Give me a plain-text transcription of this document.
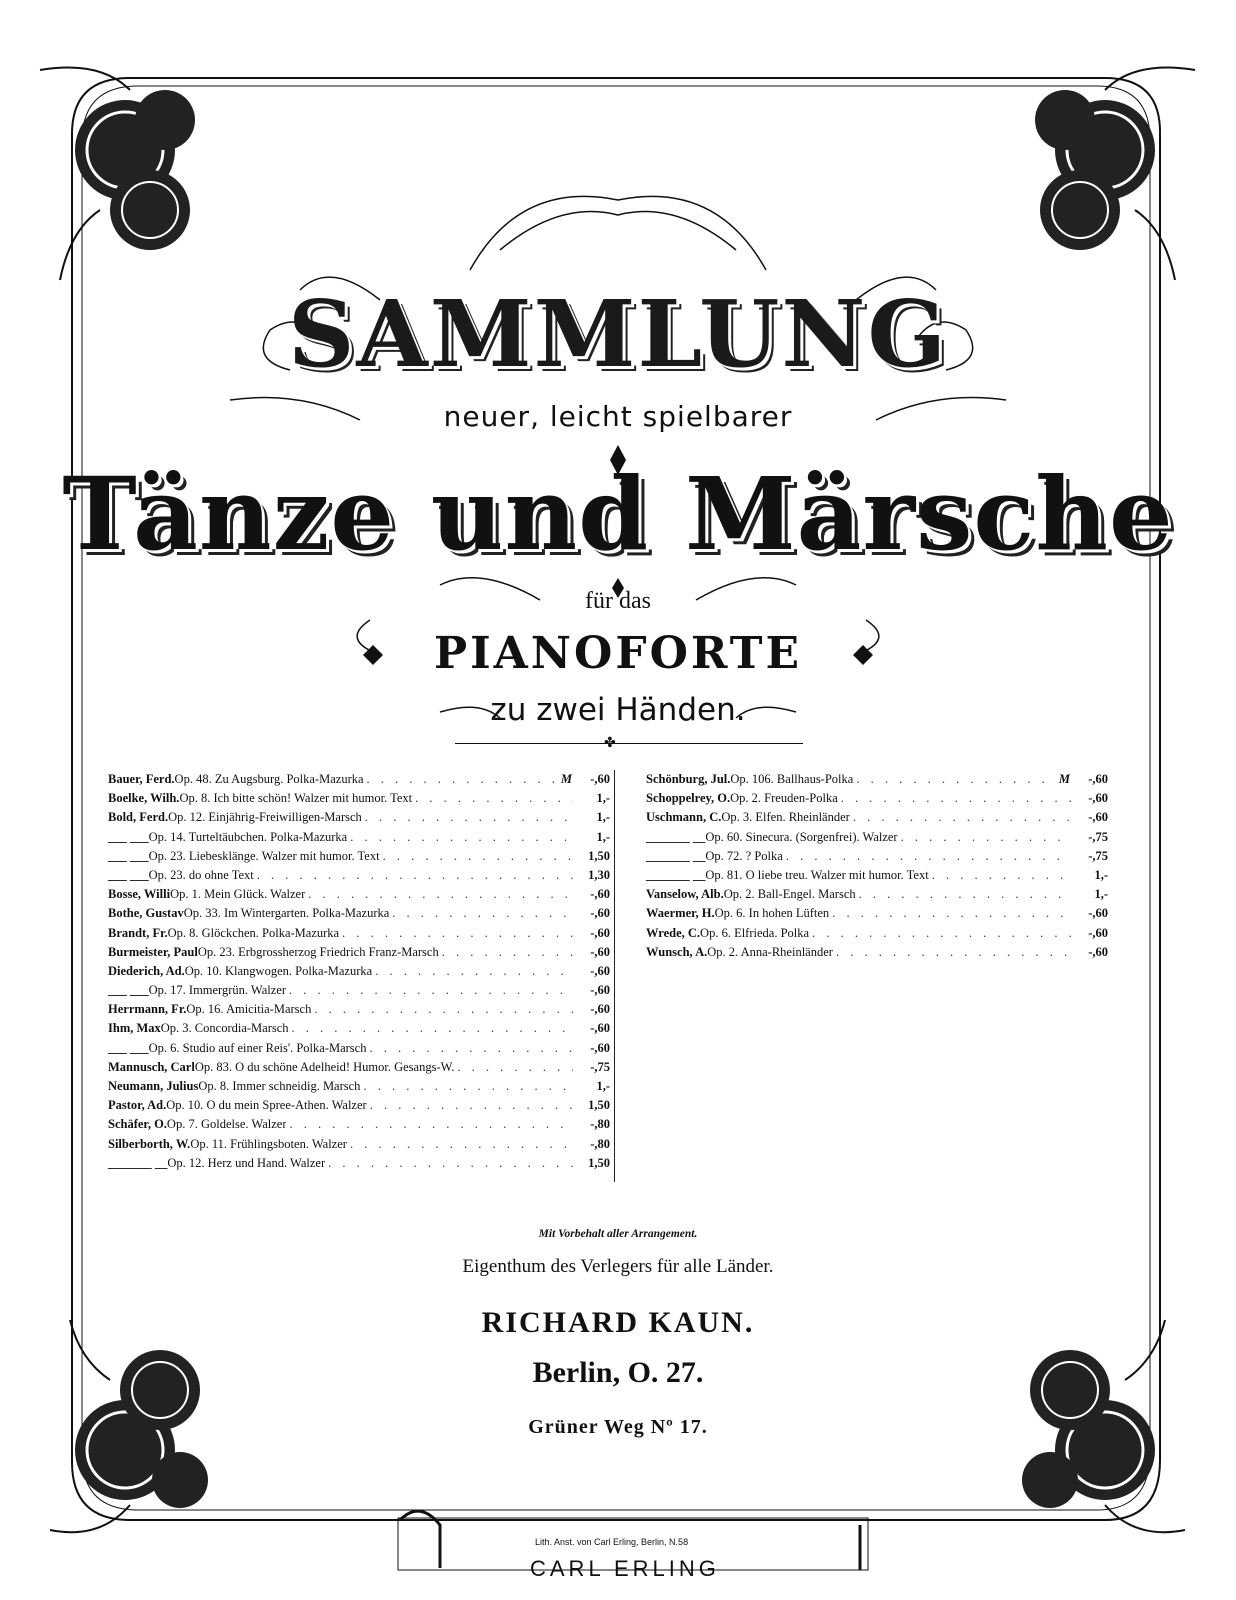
SAMMLUNG
neuer, leicht spielbarer
Tänze und Märsche
für das
PIANOFORTE
zu zwei Händen.
✤
Bauer, Ferd. Op. 48. Zu Augsburg. Polka-Mazurka . . .	M	-,60
Boelke, Wilh. Op. 8. Ich bitte schön! Walzer mit humor. Text . . .	1,-
Bold, Ferd. Op. 12. Einjährig-Freiwilligen-Marsch . . .	1,-
___ ___ Op. 14. Turteltäubchen. Polka-Mazurka . . .	1,-
___ ___ Op. 23. Liebesklänge. Walzer mit humor. Text . . .	1,50
___ ___ Op. 23. do ohne Text . . .	1,30
Bosse, Willi Op. 1. Mein Glück. Walzer . . .	-,60
Bothe, Gustav Op. 33. Im Wintergarten. Polka-Mazurka . . .	-,60
Brandt, Fr. Op. 8. Glöckchen. Polka-Mazurka . . .	-,60
Burmeister, Paul Op. 23. Erbgrossherzog Friedrich Franz-Marsch . . .	-,60
Diederich, Ad. Op. 10. Klangwogen. Polka-Mazurka . . .	-,60
___ ___ Op. 17. Immergrün. Walzer . . .	-,60
Herrmann, Fr. Op. 16. Amicitia-Marsch . . .	-,60
Ihm, Max Op. 3. Concordia-Marsch . . .	-,60
___ ___ Op. 6. Studio auf einer Reis'. Polka-Marsch . . .	-,60
Mannusch, Carl Op. 83. O du schöne Adelheid! Humor. Gesangs-W. . . .	-,75
Neumann, Julius Op. 8. Immer schneidig. Marsch . . .	1,-
Pastor, Ad. Op. 10. O du mein Spree-Athen. Walzer . . .	1,50
Schäfer, O. Op. 7. Goldelse. Walzer . . .	-,80
Silberborth, W. Op. 11. Frühlingsboten. Walzer . . .	-,80
_______ __ Op. 12. Herz und Hand. Walzer . . .	1,50
Schönburg, Jul. Op. 106. Ballhaus-Polka . . .	M	-,60
Schoppelrey, O. Op. 2. Freuden-Polka . . .	-,60
Uschmann, C. Op. 3. Elfen. Rheinländer . . .	-,60
_______ __ Op. 60. Sinecura. (Sorgenfrei). Walzer . . .	-,75
_______ __ Op. 72. ? Polka . . .	-,75
_______ __ Op. 81. O liebe treu. Walzer mit humor. Text . . .	1,-
Vanselow, Alb. Op. 2. Ball-Engel. Marsch . . .	1,-
Waermer, H. Op. 6. In hohen Lüften . . .	-,60
Wrede, C. Op. 6. Elfrieda. Polka . . .	-,60
Wunsch, A. Op. 2. Anna-Rheinländer . . .	-,60
Mit Vorbehalt aller Arrangement.
Eigenthum des Verlegers für alle Länder.
RICHARD KAUN.
Berlin, O. 27.
Grüner Weg Nº 17.
Lith. Anst. von Carl Erling, Berlin, N.58
CARL ERLING
